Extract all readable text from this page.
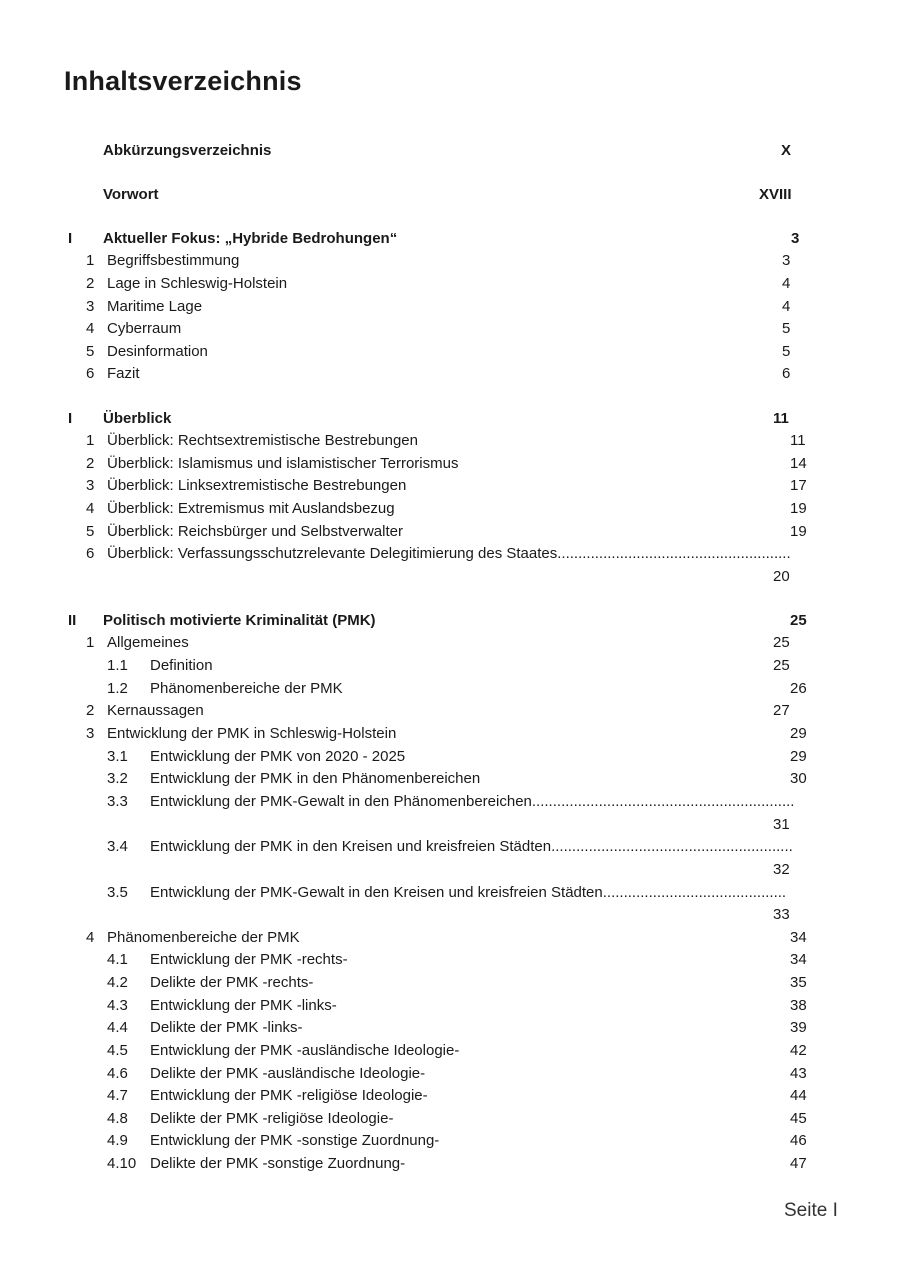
Inhaltsverzeichnis
Abkürzungsverzeichnis	X
Vorwort	XVIII
I Aktueller Fokus: „Hybride Bedrohungen“	3
1 Begriffsbestimmung	3
2 Lage in Schleswig-Holstein	4
3 Maritime Lage	4
4 Cyberraum	5
5 Desinformation	5
6 Fazit	6
I Überblick	11
1 Überblick: Rechtsextremistische Bestrebungen	11
2 Überblick: Islamismus und islamistischer Terrorismus	14
3 Überblick: Linksextremistische Bestrebungen	17
4 Überblick: Extremismus mit Auslandsbezug	19
5 Überblick: Reichsbürger und Selbstverwalter	19
6 Überblick: Verfassungsschutzrelevante Delegitimierung des Staates........................................................
20
II Politisch motivierte Kriminalität (PMK)	25
1 Allgemeines	25
1.1 Definition	25
1.2 Phänomenbereiche der PMK	26
2 Kernaussagen	27
3 Entwicklung der PMK in Schleswig-Holstein	29
3.1 Entwicklung der PMK von 2020 - 2025	29
3.2 Entwicklung der PMK in den Phänomenbereichen	30
3.3 Entwicklung der PMK-Gewalt in den Phänomenbereichen...............................................................
31
3.4 Entwicklung der PMK in den Kreisen und kreisfreien Städten..........................................................
32
3.5 Entwicklung der PMK-Gewalt in den Kreisen und kreisfreien Städten............................................
33
4 Phänomenbereiche der PMK	34
4.1 Entwicklung der PMK -rechts-	34
4.2 Delikte der PMK -rechts-	35
4.3 Entwicklung der PMK -links-	38
4.4 Delikte der PMK -links-	39
4.5 Entwicklung der PMK -ausländische Ideologie-	42
4.6 Delikte der PMK -ausländische Ideologie-	43
4.7 Entwicklung der PMK -religiöse Ideologie-	44
4.8 Delikte der PMK -religiöse Ideologie-	45
4.9 Entwicklung der PMK -sonstige Zuordnung-	46
4.10 Delikte der PMK -sonstige Zuordnung-	47
Seite I
